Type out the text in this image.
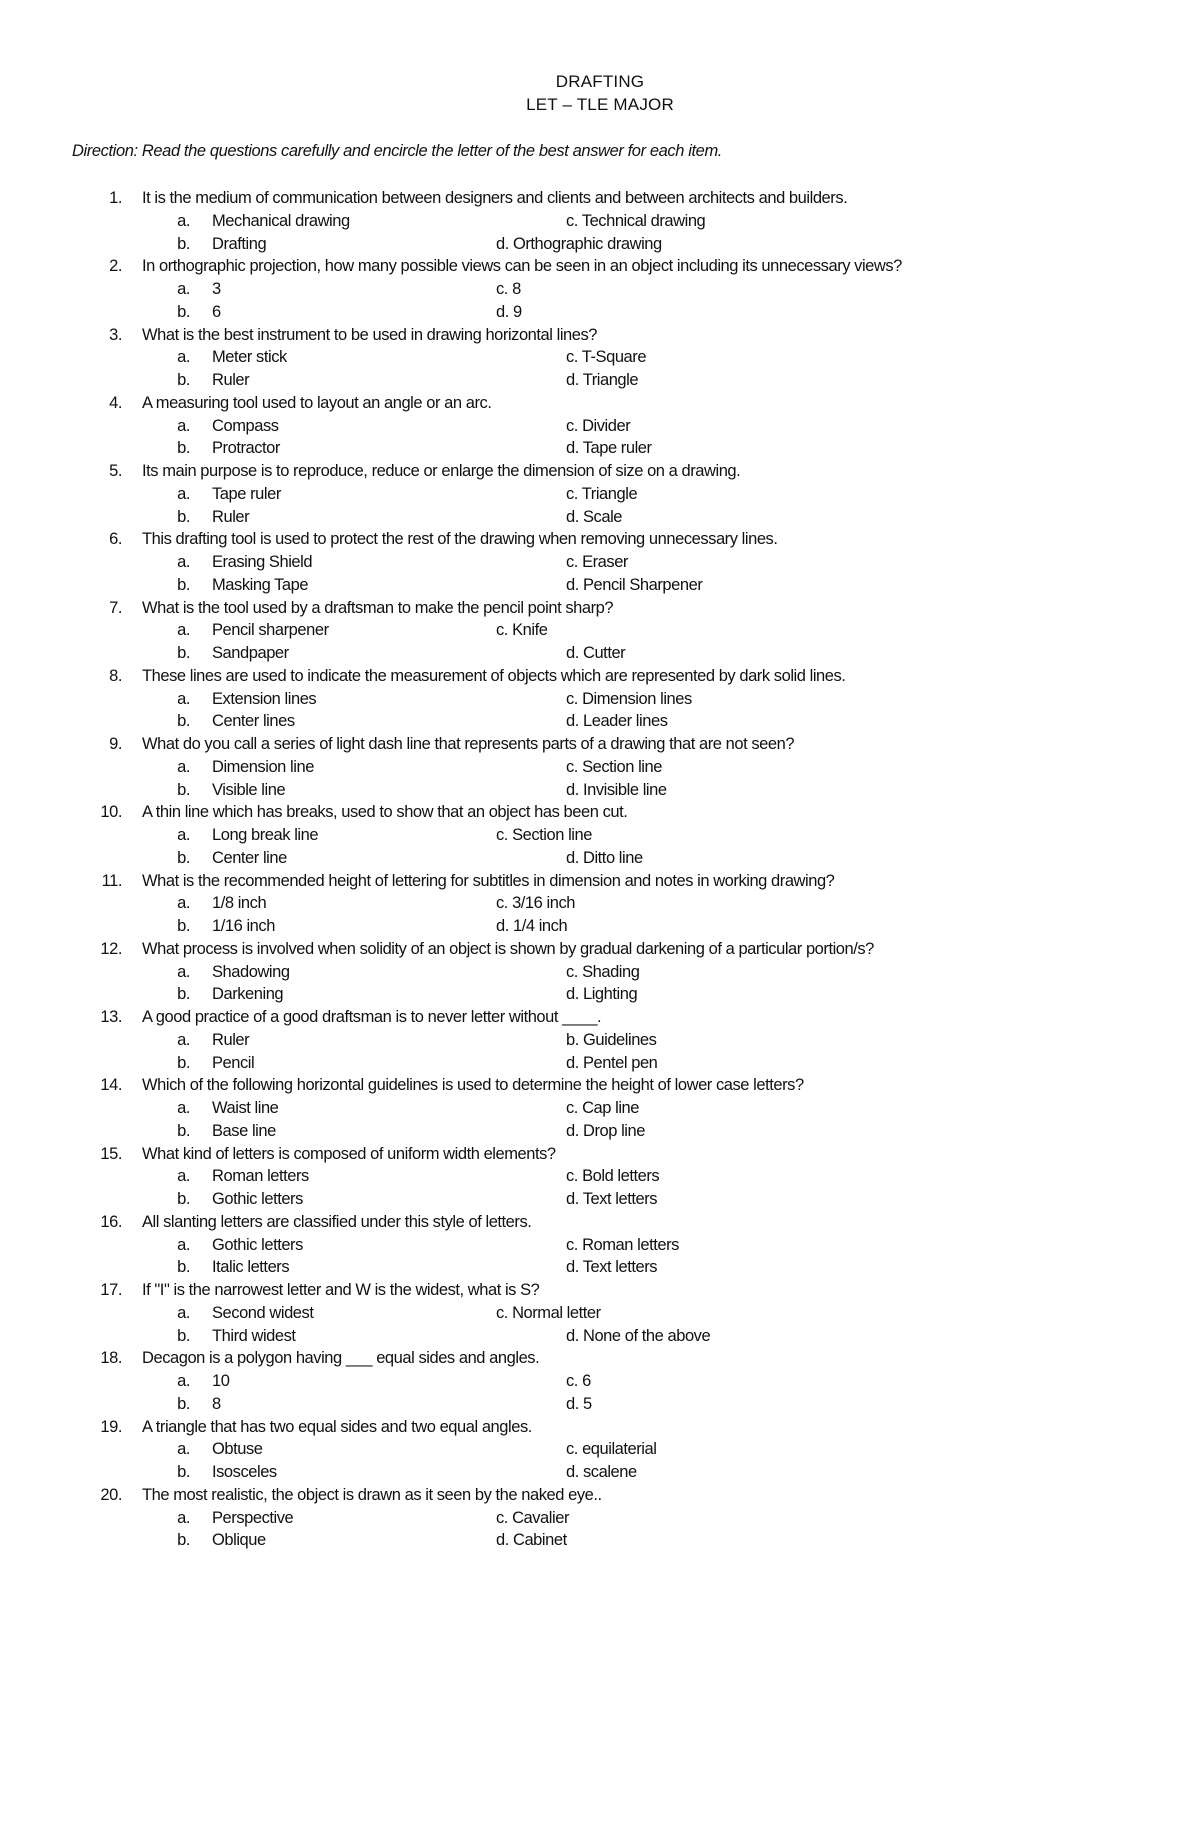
DRAFTING
LET – TLE MAJOR
Direction: Read the questions carefully and encircle the letter of the best answer for each item.
1. It is the medium of communication between designers and clients and between architects and builders.
a. Mechanical drawing	c. Technical drawing
b. Drafting	d. Orthographic drawing
2. In orthographic projection, how many possible views can be seen in an object including its unnecessary views?
a. 3	c. 8
b. 6	d. 9
3. What is the best instrument to be used in drawing horizontal lines?
a. Meter stick	c. T-Square
b. Ruler	d. Triangle
4. A measuring tool used to layout an angle or an arc.
a. Compass	c. Divider
b. Protractor	d. Tape ruler
5. Its main purpose is to reproduce, reduce or enlarge the dimension of size on a drawing.
a. Tape ruler	c. Triangle
b. Ruler	d. Scale
6. This drafting tool is used to protect the rest of the drawing when removing unnecessary lines.
a. Erasing Shield	c. Eraser
b. Masking Tape	d. Pencil Sharpener
7. What is the tool used by a draftsman to make the pencil point sharp?
a. Pencil sharpener	c. Knife
b. Sandpaper	d. Cutter
8. These lines are used to indicate the measurement of objects which are represented by dark solid lines.
a. Extension lines	c. Dimension lines
b. Center lines	d. Leader lines
9. What do you call a series of light dash line that represents parts of a drawing that are not seen?
a. Dimension line	c. Section line
b. Visible line	d. Invisible line
10. A thin line which has breaks, used to show that an object has been cut.
a. Long break line	c. Section line
b. Center line	d. Ditto line
11. What is the recommended height of lettering for subtitles in dimension and notes in working drawing?
a. 1/8 inch	c. 3/16 inch
b. 1/16 inch	d. 1/4 inch
12. What process is involved when solidity of an object is shown by gradual darkening of a particular portion/s?
a. Shadowing	c. Shading
b. Darkening	d. Lighting
13. A good practice of a good draftsman is to never letter without ____.
a. Ruler	b. Guidelines
b. Pencil	d. Pentel pen
14. Which of the following horizontal guidelines is used to determine the height of lower case letters?
a. Waist line	c. Cap line
b. Base line	d. Drop line
15. What kind of letters is composed of uniform width elements?
a. Roman letters	c. Bold letters
b. Gothic letters	d. Text letters
16. All slanting letters are classified under this style of letters.
a. Gothic letters	c. Roman letters
b. Italic letters	d. Text letters
17. If "I" is the narrowest letter and W is the widest, what is S?
a. Second widest	c. Normal letter
b. Third widest	d. None of the above
18. Decagon is a polygon having ___ equal sides and angles.
a. 10	c. 6
b. 8	d. 5
19. A triangle that has two equal sides and two equal angles.
a. Obtuse	c. equilaterial
b. Isosceles	d. scalene
20. The most realistic, the object is drawn as it seen by the naked eye..
a. Perspective	c. Cavalier
b. Oblique	d. Cabinet
